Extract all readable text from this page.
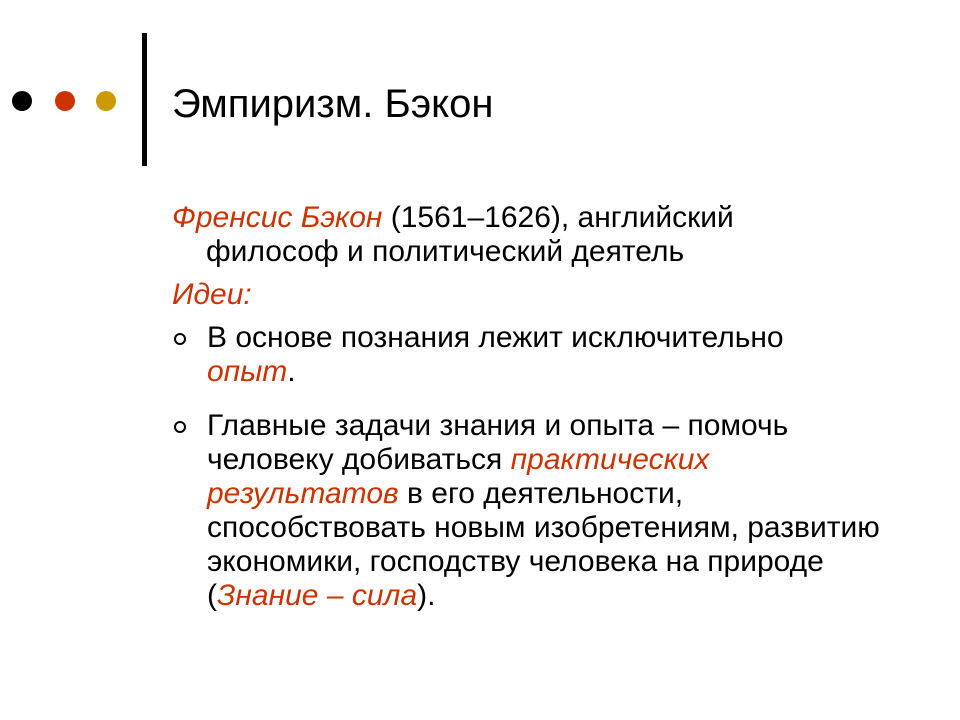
Эмпиризм. Бэкон

Френсис Бэкон (1561–1626), английский
философ и политический деятель

Идеи:

В основе познания лежит исключительно
опыт.
Главные задачи знания и опыта – помочь человеку добиваться практических результатов в его деятельности, способствовать новым изобретениям, развитию экономики, господству человека на природе (Знание – сила).
